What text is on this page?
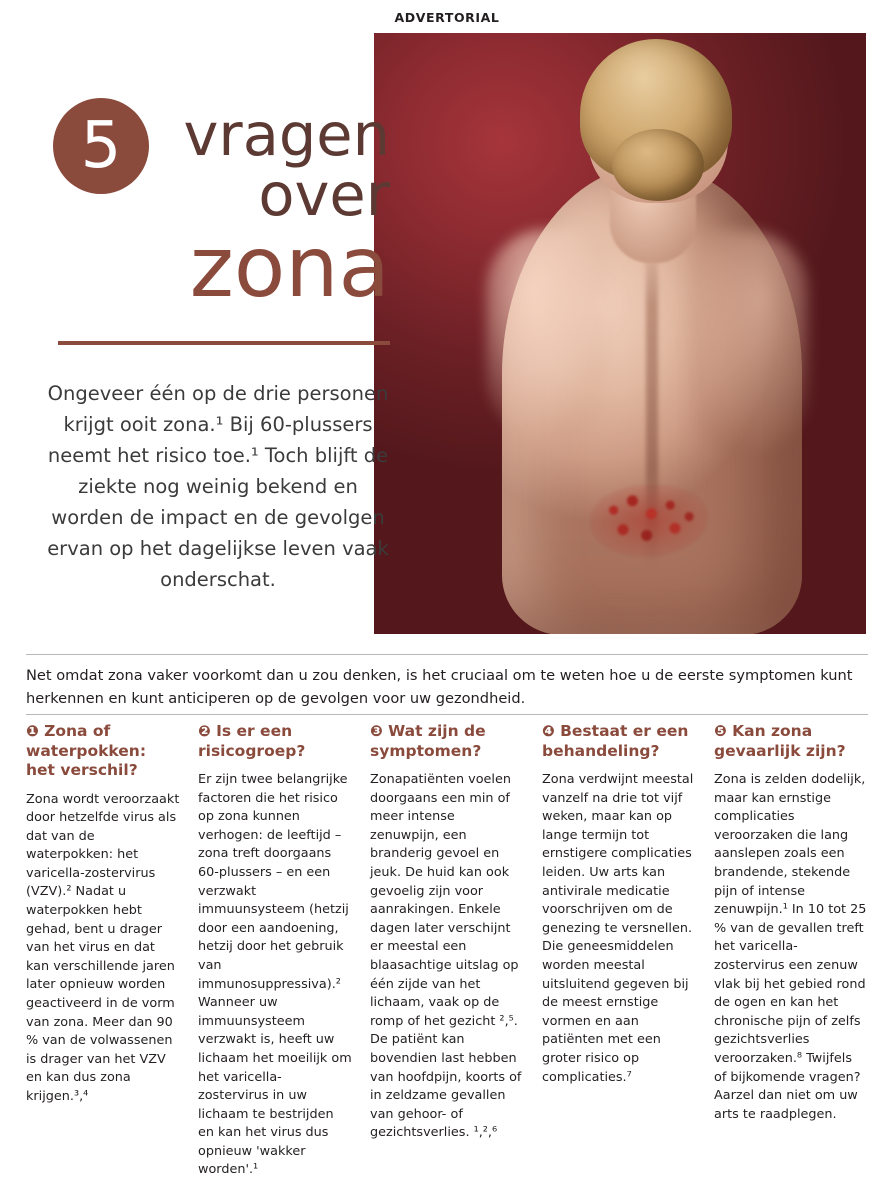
ADVERTORIAL
5	vragen
over
zona
Ongeveer één op de drie personen krijgt ooit zona.¹ Bij 60-plussers neemt het risico toe.¹ Toch blijft de ziekte nog weinig bekend en worden de impact en de gevolgen ervan op het dagelijkse leven vaak onderschat.
Net omdat zona vaker voorkomt dan u zou denken, is het cruciaal om te weten hoe u de eerste symptomen kunt herkennen en kunt anticiperen op de gevolgen voor uw gezondheid.
❶ Zona of waterpokken: het verschil?

Zona wordt veroorzaakt door hetzelfde virus als dat van de waterpokken: het varicella-zostervirus (VZV).² Nadat u waterpokken hebt gehad, bent u drager van het virus en dat kan verschillende jaren later opnieuw worden geactiveerd in de vorm van zona. Meer dan 90 % van de volwassenen is drager van het VZV en kan dus zona krijgen.³,⁴

❷ Is er een risicogroep?

Er zijn twee belangrijke factoren die het risico op zona kunnen verhogen: de leeftijd – zona treft doorgaans 60-plussers – en een verzwakt immuunsysteem (hetzij door een aandoening, hetzij door het gebruik van immunosuppressiva).² Wanneer uw immuunsysteem verzwakt is, heeft uw lichaam het moeilijk om het varicella-zostervirus in uw lichaam te bestrijden en kan het virus dus opnieuw 'wakker worden'.¹

❸ Wat zijn de symptomen?

Zonapatiënten voelen doorgaans een min of meer intense zenuwpijn, een branderig gevoel en jeuk. De huid kan ook gevoelig zijn voor aanrakingen. Enkele dagen later verschijnt er meestal een blaasachtige uitslag op één zijde van het lichaam, vaak op de romp of het gezicht ²,⁵. De patiënt kan bovendien last hebben van hoofdpijn, koorts of in zeldzame gevallen van gehoor- of gezichtsverlies. ¹,²,⁶

❹ Bestaat er een behandeling?

Zona verdwijnt meestal vanzelf na drie tot vijf weken, maar kan op lange termijn tot ernstigere complicaties leiden. Uw arts kan antivirale medicatie voorschrijven om de genezing te versnellen. Die geneesmiddelen worden meestal uitsluitend gegeven bij de meest ernstige vormen en aan patiënten met een groter risico op complicaties.⁷

❺ Kan zona gevaarlijk zijn?

Zona is zelden dodelijk, maar kan ernstige complicaties veroorzaken die lang aanslepen zoals een brandende, stekende pijn of intense zenuwpijn.¹ In 10 tot 25 % van de gevallen treft het varicella-zostervirus een zenuw vlak bij het gebied rond de ogen en kan het chronische pijn of zelfs gezichtsverlies veroorzaken.⁸ Twijfels of bijkomende vragen? Aarzel dan niet om uw arts te raadplegen.
